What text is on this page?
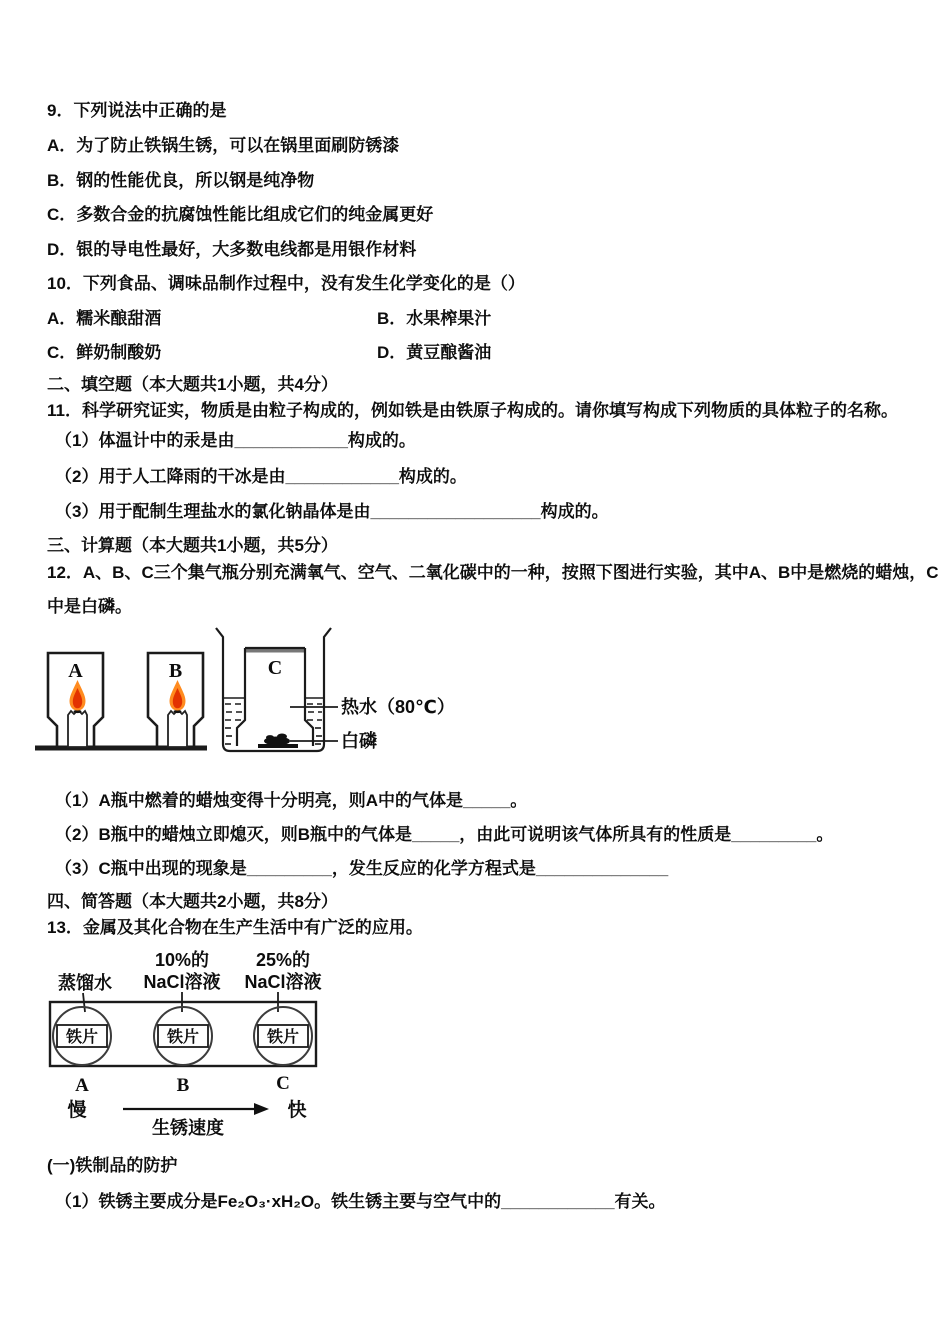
9．下列说法中正确的是
A．为了防止铁锅生锈，可以在锅里面刷防锈漆
B．钢的性能优良，所以钢是纯净物
C．多数合金的抗腐蚀性能比组成它们的纯金属更好
D．银的导电性最好，大多数电线都是用银作材料
10．下列食品、调味品制作过程中，没有发生化学变化的是（）
A．糯米酿甜酒	B．水果榨果汁
C．鲜奶制酸奶	D．黄豆酿酱油
二、填空题（本大题共1小题，共4分）
11．科学研究证实，物质是由粒子构成的，例如铁是由铁原子构成的。请你填写构成下列物质的具体粒子的名称。
（1）体温计中的汞是由____________构成的。
（2）用于人工降雨的干冰是由____________构成的。
（3）用于配制生理盐水的氯化钠晶体是由__________________构成的。
三、计算题（本大题共1小题，共5分）
12．A、B、C三个集气瓶分别充满氧气、空气、二氧化碳中的一种，按照下图进行实验，其中A、B中是燃烧的蜡烛，C
中是白磷。
A	B	C
热水（80℃）
白磷
（1）A瓶中燃着的蜡烛变得十分明亮，则A中的气体是_____。
（2）B瓶中的蜡烛立即熄灭，则B瓶中的气体是_____，由此可说明该气体所具有的性质是_________。
（3）C瓶中出现的现象是_________，发生反应的化学方程式是______________
四、简答题（本大题共2小题，共8分）
13．金属及其化合物在生产生活中有广泛的应用。
蒸馏水
10%的
NaCl溶液
25%的
NaCl溶液
铁片	铁片	铁片
A	B	C
慢	快
生锈速度
(一)铁制品的防护
（1）铁锈主要成分是Fe₂O₃·xH₂O。铁生锈主要与空气中的____________有关。
